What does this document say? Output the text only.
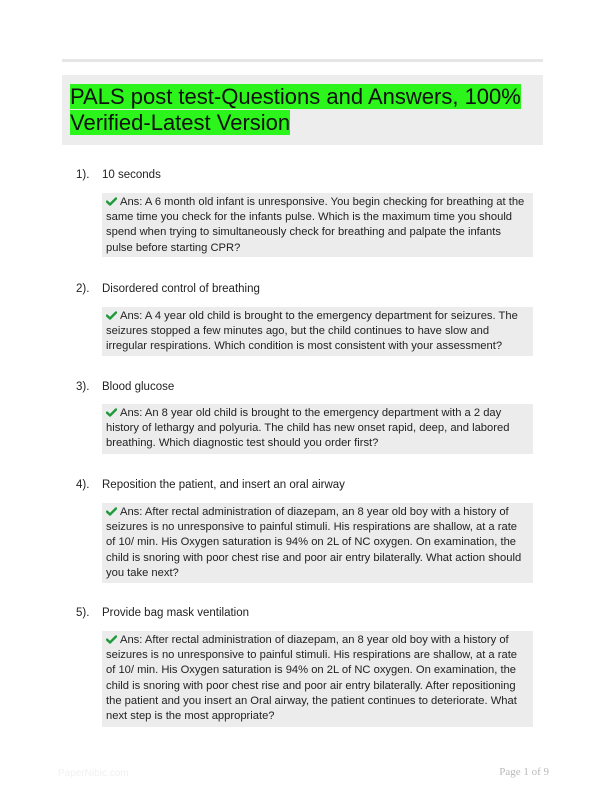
PALS post test-Questions and Answers, 100% Verified-Latest Version
1). 10 seconds
Ans: A 6 month old infant is unresponsive. You begin checking for breathing at the same time you check for the infants pulse. Which is the maximum time you should spend when trying to simultaneously check for breathing and palpate the infants pulse before starting CPR?
2). Disordered control of breathing
Ans: A 4 year old child is brought to the emergency department for seizures. The seizures stopped a few minutes ago, but the child continues to have slow and irregular respirations. Which condition is most consistent with your assessment?
3). Blood glucose
Ans: An 8 year old child is brought to the emergency department with a 2 day history of lethargy and polyuria. The child has new onset rapid, deep, and labored breathing. Which diagnostic test should you order first?
4). Reposition the patient, and insert an oral airway
Ans: After rectal administration of diazepam, an 8 year old boy with a history of seizures is no unresponsive to painful stimuli. His respirations are shallow, at a rate of 10/ min. His Oxygen saturation is 94% on 2L of NC oxygen. On examination, the child is snoring with poor chest rise and poor air entry bilaterally. What action should you take next?
5). Provide bag mask ventilation
Ans: After rectal administration of diazepam, an 8 year old boy with a history of seizures is no unresponsive to painful stimuli. His respirations are shallow, at a rate of 10/ min. His Oxygen saturation is 94% on 2L of NC oxygen. On examination, the child is snoring with poor chest rise and poor air entry bilaterally. After repositioning the patient and you insert an Oral airway, the patient continues to deteriorate. What next step is the most appropriate?
PaperNibic.com	Page 1 of 9
